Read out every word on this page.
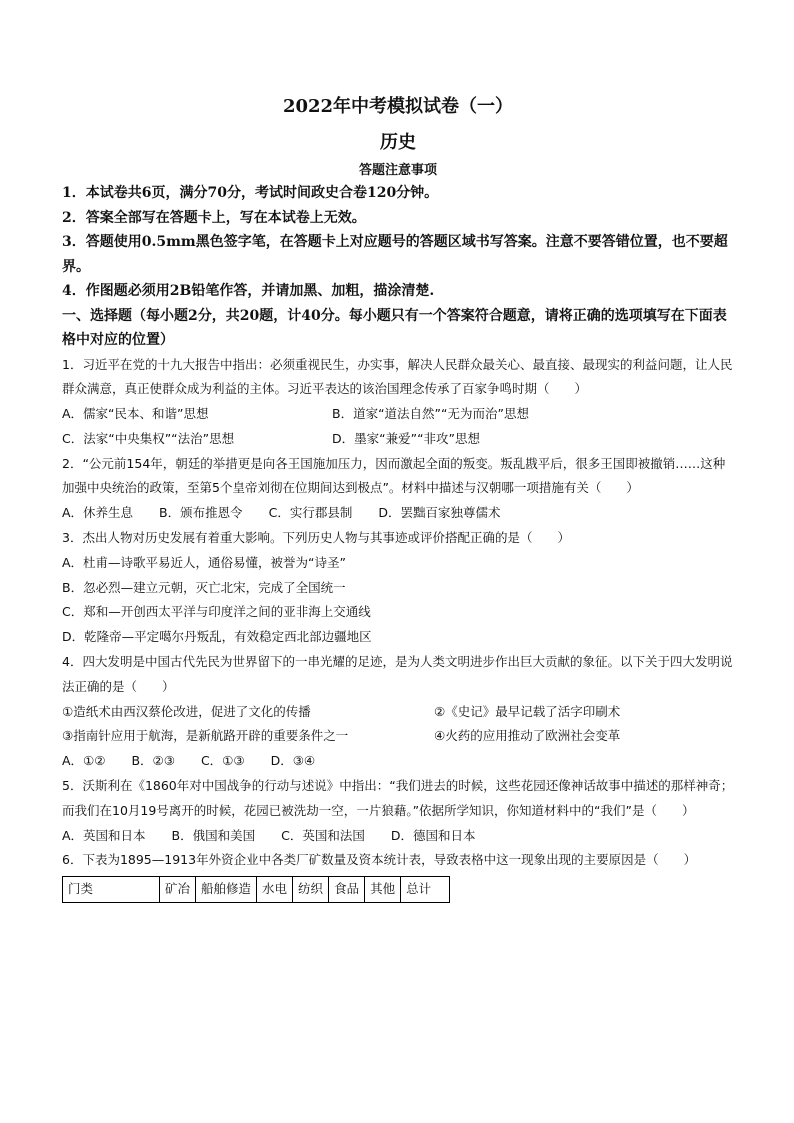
2022年中考模拟试卷（一）
历史
答题注意事项
1．本试卷共6页，满分70分，考试时间政史合卷120分钟。
2．答案全部写在答题卡上，写在本试卷上无效。
3．答题使用0.5mm黑色签字笔，在答题卡上对应题号的答题区域书写答案。注意不要答错位置，也不要超界。
4．作图题必须用2B铅笔作答，并请加黑、加粗，描涂清楚.
一、选择题（每小题2分，共20题，计40分。每小题只有一个答案符合题意，请将正确的选项填写在下面表格中对应的位置）

1．习近平在党的十九大报告中指出：必须重视民生，办实事，解决人民群众最关心、最直接、最现实的利益问题，让人民群众满意，真正使群众成为利益的主体。习近平表达的该治国理念传承了百家争鸣时期（　　）

A．儒家“民本、和谐”思想	B．道家“道法自然”“无为而治”思想
C．法家“中央集权”“法治”思想	D．墨家“兼爱”“非攻”思想

2．“公元前154年，朝廷的举措更是向各王国施加压力，因而激起全面的叛变。叛乱戡平后，很多王国即被撤销……这种加强中央统治的政策，至第5个皇帝刘彻在位期间达到极点”。材料中描述与汉朝哪一项措施有关（　　）

A．休养生息 B．颁布推恩令 C．实行郡县制 D．罢黜百家独尊儒术

3．杰出人物对历史发展有着重大影响。下列历史人物与其事迹或评价搭配正确的是（　　）

A．杜甫—诗歌平易近人，通俗易懂，被誉为“诗圣”

B．忽必烈—建立元朝，灭亡北宋，完成了全国统一

C．郑和—开创西太平洋与印度洋之间的亚非海上交通线

D．乾隆帝—平定噶尔丹叛乱，有效稳定西北部边疆地区

4．四大发明是中国古代先民为世界留下的一串光耀的足迹，是为人类文明进步作出巨大贡献的象征。以下关于四大发明说法正确的是（　　）

①造纸术由西汉蔡伦改进，促进了文化的传播	②《史记》最早记载了活字印刷术
③指南针应用于航海，是新航路开辟的重要条件之一	④火药的应用推动了欧洲社会变革
A．①② B．②③ C．①③ D．③④

5．沃斯利在《1860年对中国战争的行动与述说》中指出：“我们进去的时候，这些花园还像神话故事中描述的那样神奇；而我们在10月19号离开的时候，花园已被洗劫一空，一片狼藉。”依据所学知识，你知道材料中的“我们”是（　　）

A．英国和日本 B．俄国和美国 C．英国和法国 D．德国和日本

6．下表为1895—1913年外资企业中各类厂矿数量及资本统计表，导致表格中这一现象出现的主要原因是（　　）

门类	矿冶	船舶修造	水电	纺织	食品	其他	总计
